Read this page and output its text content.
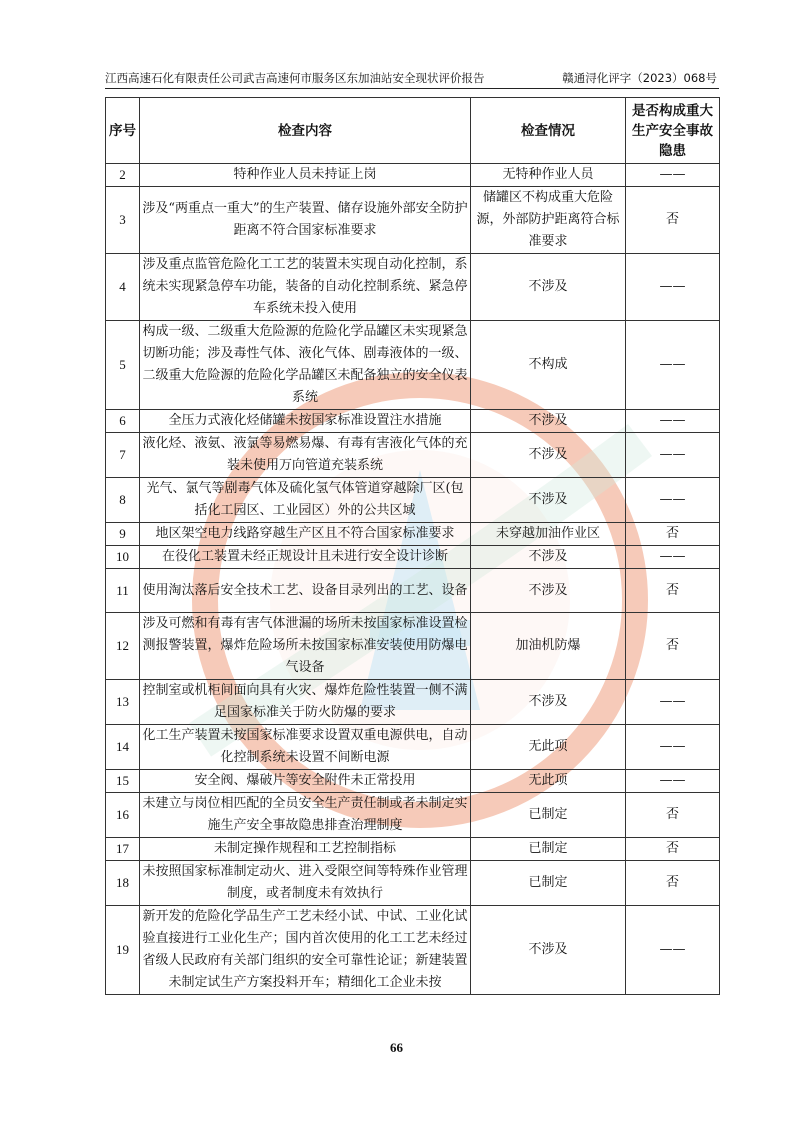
江西高速石化有限责任公司武吉高速何市服务区东加油站安全现状评价报告	赣通浔化评字（2023）068号
序号	检查内容	检查情况	是否构成重大生产安全事故隐患
2	特种作业人员未持证上岗	无特种作业人员	——
3	涉及“两重点一重大”的生产装置、储存设施外部安全防护距离不符合国家标准要求	储罐区不构成重大危险源，外部防护距离符合标准要求	否
4	涉及重点监管危险化工工艺的装置未实现自动化控制，系统未实现紧急停车功能，装备的自动化控制系统、紧急停车系统未投入使用	不涉及	——
5	构成一级、二级重大危险源的危险化学品罐区未实现紧急切断功能；涉及毒性气体、液化气体、剧毒液体的一级、二级重大危险源的危险化学品罐区未配备独立的安全仪表系统	不构成	——
6	全压力式液化烃储罐未按国家标准设置注水措施	不涉及	——
7	液化烃、液氨、液氯等易燃易爆、有毒有害液化气体的充装未使用万向管道充装系统	不涉及	——
8	光气、氯气等剧毒气体及硫化氢气体管道穿越除厂区(包括化工园区、工业园区）外的公共区域	不涉及	——
9	地区架空电力线路穿越生产区且不符合国家标准要求	未穿越加油作业区	否
10	在役化工装置未经正规设计且未进行安全设计诊断	不涉及	——
11	使用淘汰落后安全技术工艺、设备目录列出的工艺、设备	不涉及	否
12	涉及可燃和有毒有害气体泄漏的场所未按国家标准设置检测报警装置，爆炸危险场所未按国家标准安装使用防爆电气设备	加油机防爆	否
13	控制室或机柜间面向具有火灾、爆炸危险性装置一侧不满足国家标准关于防火防爆的要求	不涉及	——
14	化工生产装置未按国家标准要求设置双重电源供电，自动化控制系统未设置不间断电源	无此项	——
15	安全阀、爆破片等安全附件未正常投用	无此项	——
16	未建立与岗位相匹配的全员安全生产责任制或者未制定实施生产安全事故隐患排查治理制度	已制定	否
17	未制定操作规程和工艺控制指标	已制定	否
18	未按照国家标准制定动火、进入受限空间等特殊作业管理制度，或者制度未有效执行	已制定	否
19	新开发的危险化学品生产工艺未经小试、中试、工业化试验直接进行工业化生产；国内首次使用的化工工艺未经过省级人民政府有关部门组织的安全可靠性论证；新建装置未制定试生产方案投料开车；精细化工企业未按	不涉及	——
66
